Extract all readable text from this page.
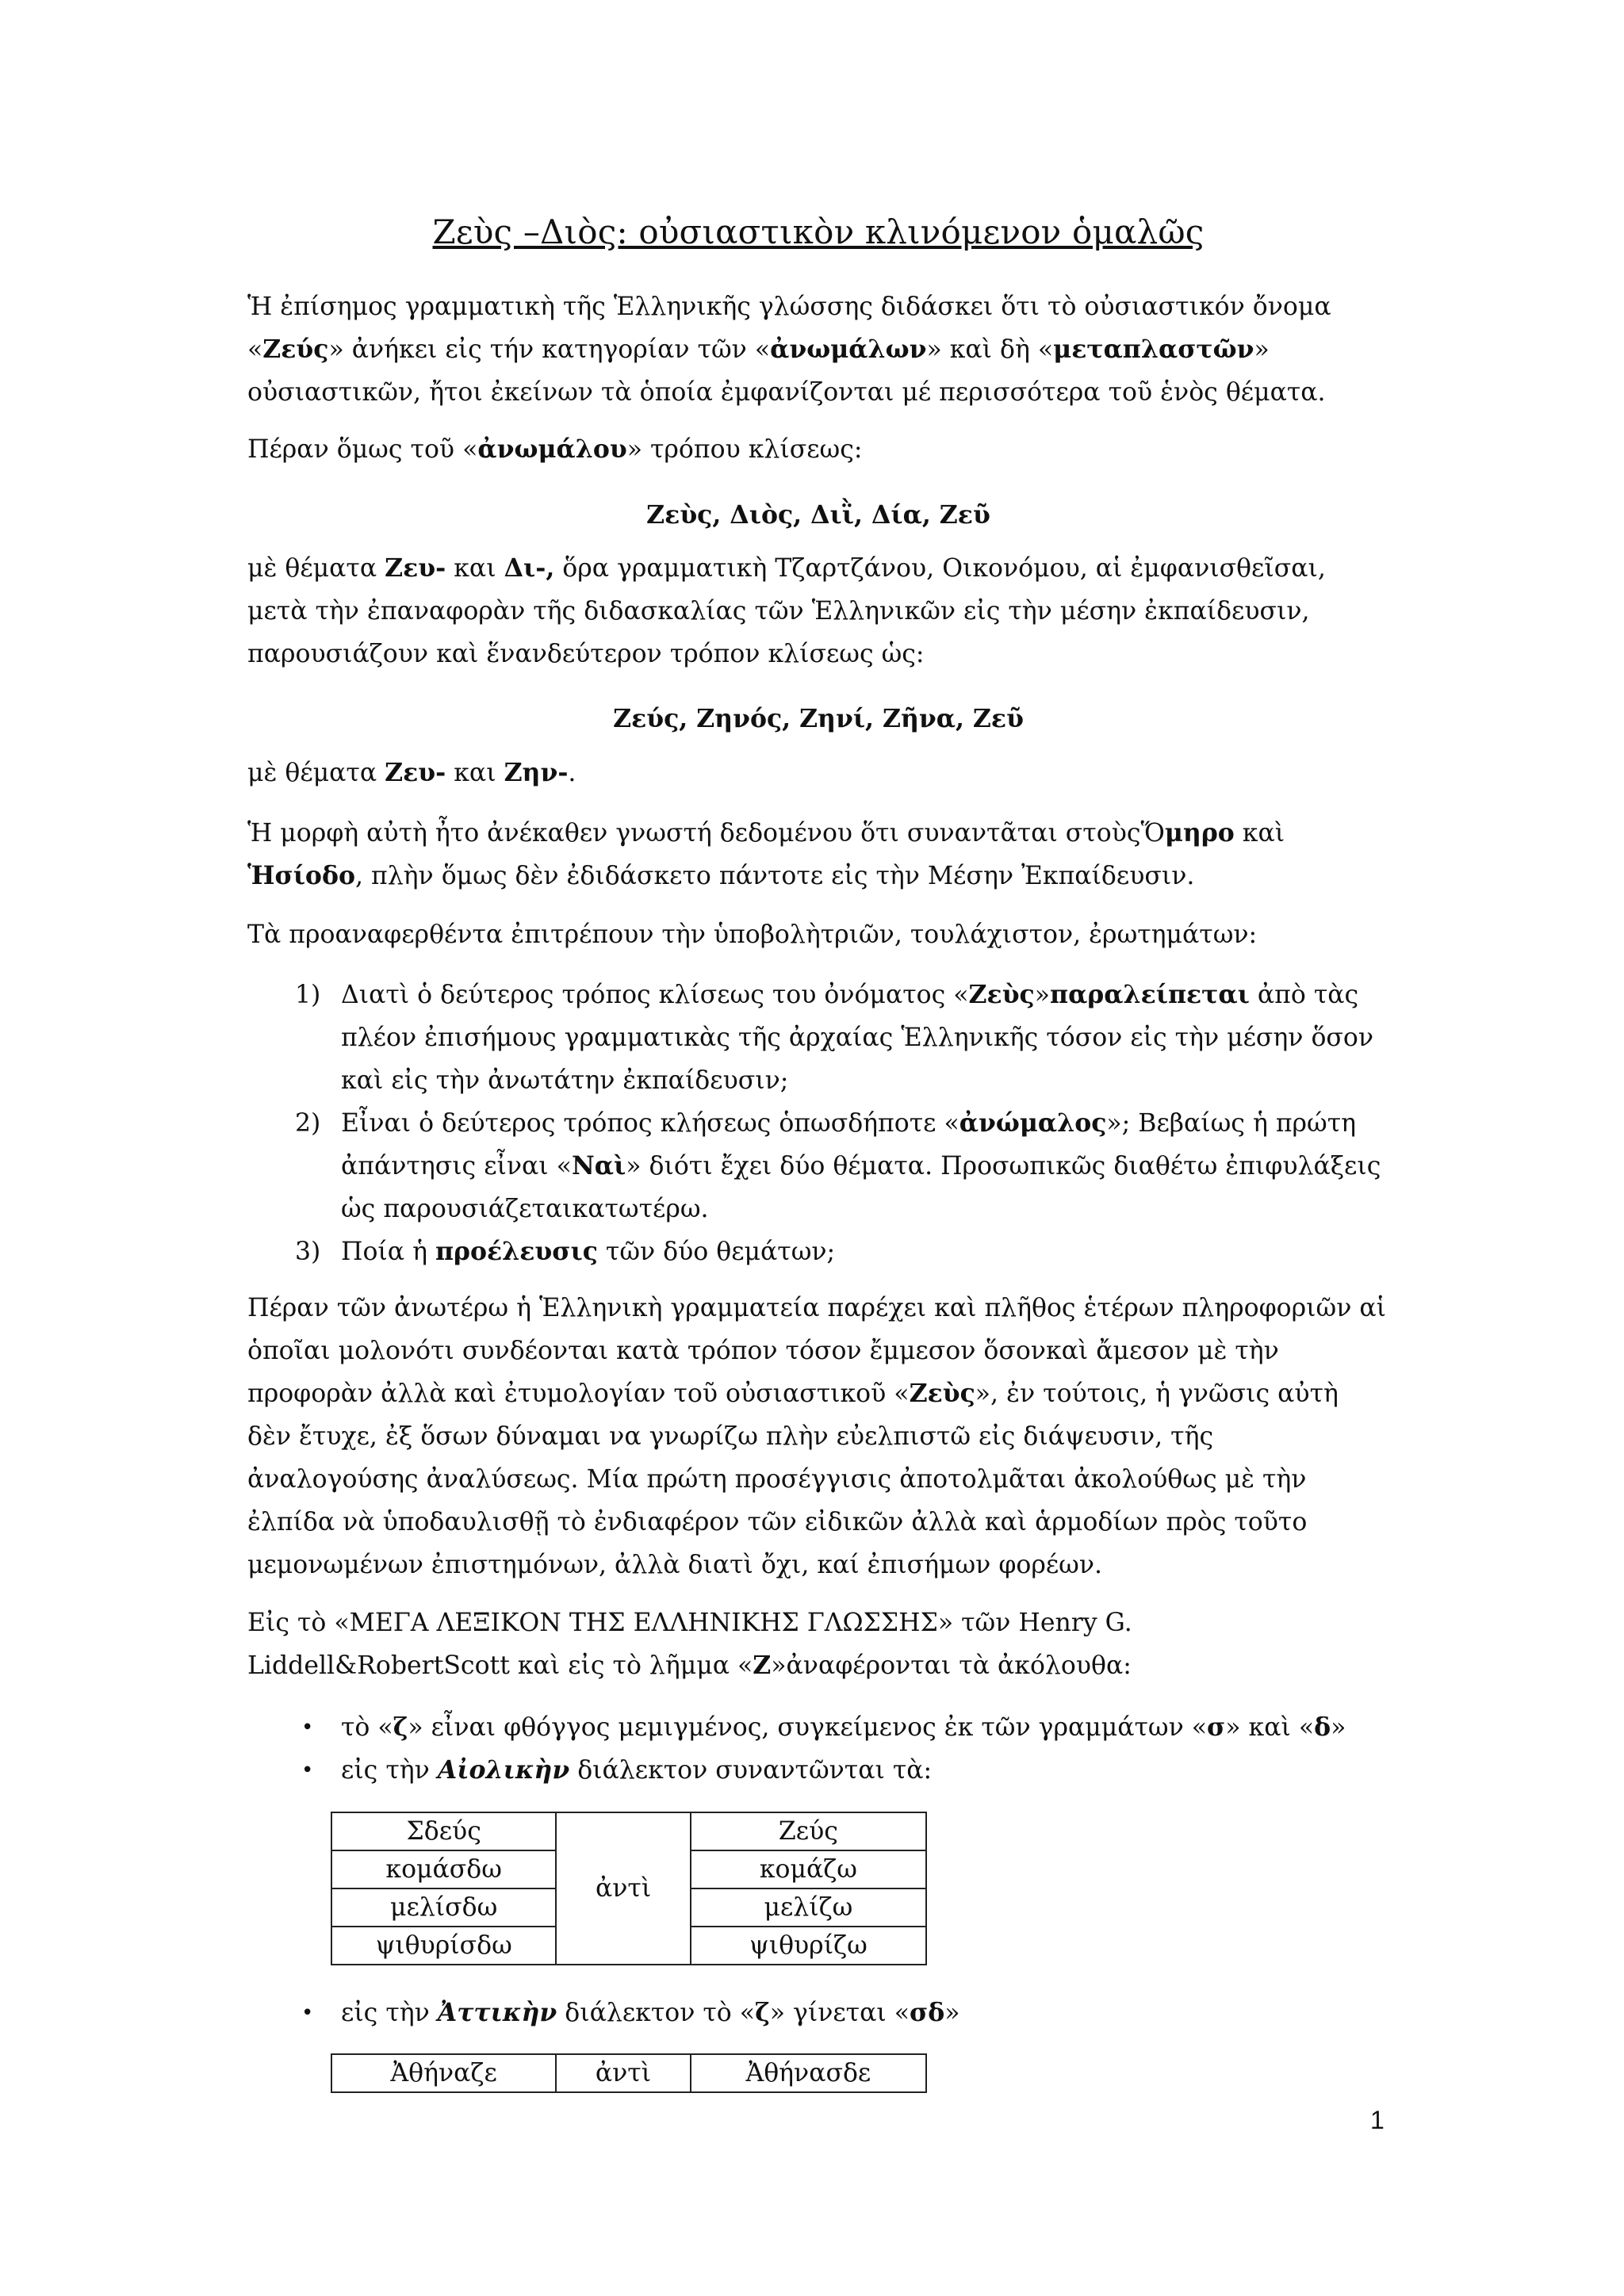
Ζεὺς –Διὸς: οὐσιαστικὸν κλινόμενον ὁμαλῶς

Ἡ ἐπίσημος γραμματικὴ τῆς Ἑλληνικῆς γλώσσης διδάσκει ὅτι τὸ οὐσιαστικόν ὄνομα «Ζεύς» ἀνήκει εἰς τήν κατηγορίαν τῶν «ἀνωμάλων» καὶ δὴ «μεταπλαστῶν» οὐσιαστικῶν, ἤτοι ἐκείνων τὰ ὁποία ἐμφανίζονται μέ περισσότερα τοῦ ἑνὸς θέματα.

Πέραν ὅμως τοῦ «ἀνωμάλου» τρόπου κλίσεως:

Ζεὺς, Διὸς, Διῒ, Δία, Ζεῦ

μὲ θέματα Ζευ- και Δι-, ὅρα γραμματικὴ Τζαρτζάνου, Οικονόμου, αἱ ἐμφανισθεῖσαι, μετὰ τὴν ἐπαναφορὰν τῆς διδασκαλίας τῶν Ἑλληνικῶν εἰς τὴν μέσην ἐκπαίδευσιν, παρουσιάζουν καὶ ἕνανδεύτερον τρόπον κλίσεως ὡς:

Ζεύς, Ζηνός, Ζηνί, Ζῆνα, Ζεῦ

μὲ θέματα Ζευ- και Ζην-.

Ἡ μορφὴ αὐτὴ ἦτο ἀνέκαθεν γνωστή δεδομένου ὅτι συναντᾶται στοὺςὍμηρο καὶ Ἡσίοδο, πλὴν ὅμως δὲν ἐδιδάσκετο πάντοτε εἰς τὴν Μέσην Ἐκπαίδευσιν.

Τὰ προαναφερθέντα ἐπιτρέπουν τὴν ὑποβολὴτριῶν, τουλάχιστον, ἐρωτημάτων:

1) Διατὶ ὁ δεύτερος τρόπος κλίσεως του ὀνόματος «Ζεὺς»παραλείπεται ἀπὸ τὰς πλέον ἐπισήμους γραμματικὰς τῆς ἀρχαίας Ἑλληνικῆς τόσον εἰς τὴν μέσην ὅσον καὶ εἰς τὴν ἀνωτάτην ἐκπαίδευσιν;
2) Εἶναι ὁ δεύτερος τρόπος κλήσεως ὁπωσδήποτε «ἀνώμαλος»; Βεβαίως ἡ πρώτη ἀπάντησις εἶναι «Ναὶ» διότι ἔχει δύο θέματα. Προσωπικῶς διαθέτω ἐπιφυλάξεις ὡς παρουσιάζεταικατωτέρω.
3) Ποία ἡ προέλευσις τῶν δύο θεμάτων;

Πέραν τῶν ἀνωτέρω ἡ Ἑλληνικὴ γραμματεία παρέχει καὶ πλῆθος ἑτέρων πληροφοριῶν αἱ ὁποῖαι μολονότι συνδέονται κατὰ τρόπον τόσον ἔμμεσον ὅσονκαὶ ἄμεσον μὲ τὴν προφορὰν ἀλλὰ καὶ ἐτυμολογίαν τοῦ οὐσιαστικοῦ «Ζεὺς», ἐν τούτοις, ἡ γνῶσις αὐτὴ δὲν ἔτυχε, ἐξ ὅσων δύναμαι να γνωρίζω πλὴν εὐελπιστῶ εἰς διάψευσιν, τῆς ἀναλογούσης ἀναλύσεως. Μία πρώτη προσέγγισις ἀποτολμᾶται ἀκολούθως μὲ τὴν ἐλπίδα νὰ ὑποδαυλισθῇ τὸ ἐνδιαφέρον τῶν εἰδικῶν ἀλλὰ καὶ ἁρμοδίων πρὸς τοῦτο μεμονωμένων ἐπιστημόνων, ἀλλὰ διατὶ ὄχι, καί ἐπισήμων φορέων.

Εἰς τὸ «ΜΕΓΑ ΛΕΞΙΚΟΝ ΤΗΣ ΕΛΛΗΝΙΚΗΣ ΓΛΩΣΣΗΣ» τῶν Henry G. Liddell&RobertScott καὶ εἰς τὸ λῆμμα «Ζ»ἀναφέρονται τὰ ἀκόλουθα:

• τὸ «ζ» εἶναι φθόγγος μεμιγμένος, συγκείμενος ἐκ τῶν γραμμάτων «σ» καὶ «δ»
• εἰς τὴν Αἰολικὴν διάλεκτον συναντῶνται τὰ:
Σδεύς	ἀντὶ	Ζεύς
κομάσδω		κομάζω
μελίσδω		μελίζω
ψιθυρίσδω		ψιθυρίζω
• εἰς τὴν Ἀττικὴν διάλεκτον τὸ «ζ» γίνεται «σδ»
Ἀθήναζε	ἀντὶ	Ἀθήνασδε
1
